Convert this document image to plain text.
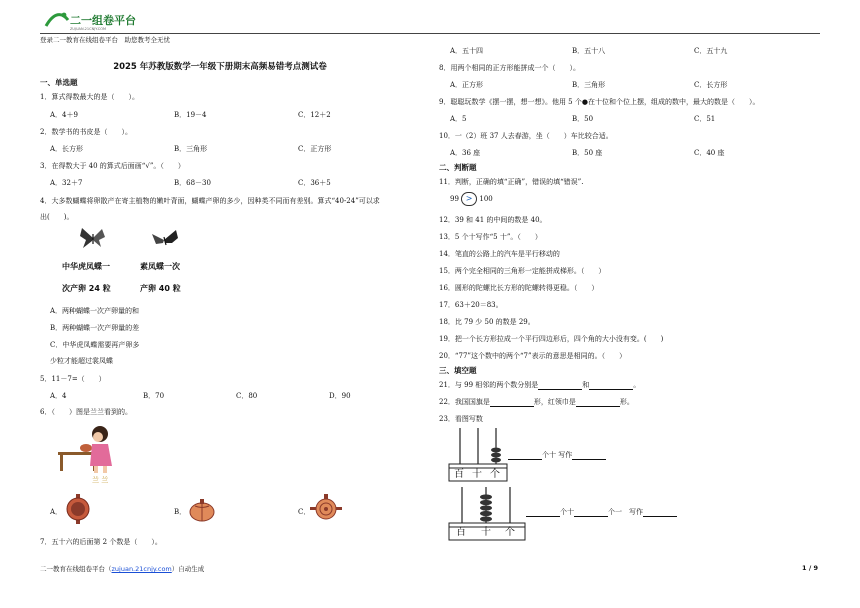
二一组卷平台
ZUJUAN.21CNJY.COM
登录二一教育在线组卷平台　助您教考全无忧
2025 年苏教版数学一年级下册期末高频易错考点测试卷
一、单选题
1．算式得数最大的是（　　）。
A．4＋9	B．19－4	C．12＋2
2．数学书的书皮是（　　）。
A．长方形	B．三角形	C．正方形
3．在得数大于 40 的算式后面画“√”。（　　）
A．32＋7	B．68－30	C．36＋5
4．大多数蝴蝶将卵散产在寄主植物的嫩叶背面，蝴蝶产卵的多少，因种类不同而有差别。算式“40-24”可以求
出(　　)。
中华虎凤蝶一
次产卵 24 粒
素凤蝶一次
产卵 40 粒
A．两种蝴蝶一次产卵量的和
B．两种蝴蝶一次产卵量的差
C．中华虎凤蝶需要再产卵多
少粒才能超过裳凤蝶
5．11－7=（　　）
A．4	B．70	C．80	D．90
6．（　　）图是兰兰看到的。
兰 兰
A．	B．	C．
7．五十六的后面第 2 个数是（　　）。
A．五十四	B．五十八	C．五十九
8．用两个相同的正方形能拼成一个（　　）。
A．正方形	B．三角形	C．长方形
9．聪聪玩数学《摆一摆，想一想》。他用 5 个●在十位和个位上摆，组成的数中，最大的数是（　　）。
A．5	B．50	C．51
10．一（2）班 37 人去春游，坐（　　）车比较合适。
A．36 座	B．50 座	C．40 座
二、判断题
11．判断，正确的填“正确”，错误的填“错误”.
99 > 100
12．39 和 41 的中间的数是 40。
13．5 个十写作“5 十”。（　　）
14．笔直的公路上的汽车是平行移动的
15．两个完全相同的三角形一定能拼成梯形。（　　）
16．圆形的陀螺比长方形的陀螺转得更稳。（　　）
17．63＋20＝83。
18．比 79 少 50 的数是 29。
19．把一个长方形拉成一个平行四边形后，四个角的大小没有变。(　　)
20．“77”这个数中的两个“7”表示的意思是相同的。（　　）
三、填空题
21．与 99 相邻的两个数分别是	和	。
22．我国国旗是	形，红领巾是	形。
23．看图写数
百 十 个
个十 写作
百 十 个
个十	个一　写作
二一教育在线组卷平台（zujuan.21cnjy.com）自动生成	1 / 9
